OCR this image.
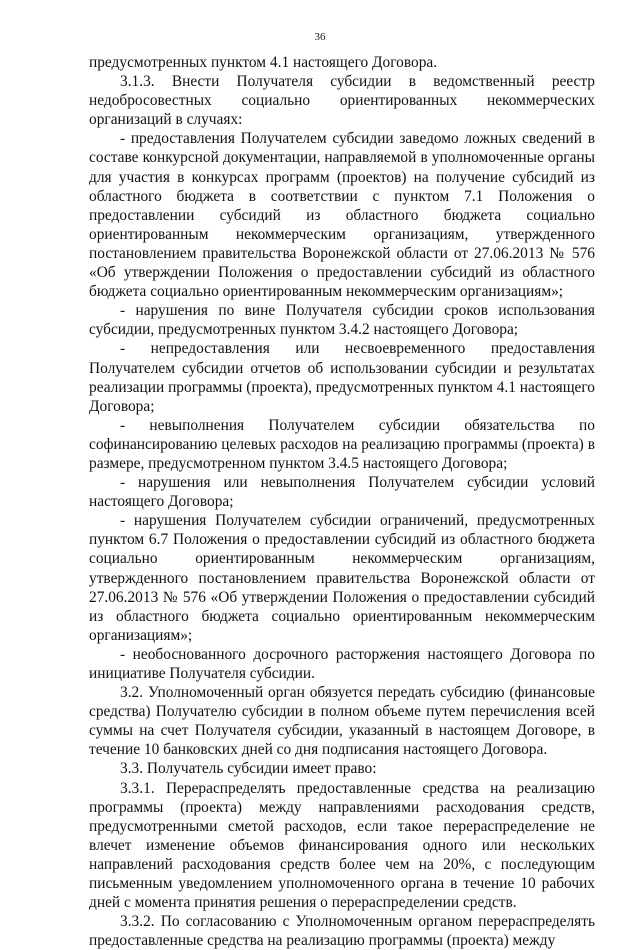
36

предусмотренных пунктом 4.1 настоящего Договора.

3.1.3. Внести Получателя субсидии в ведомственный реестр недобросовестных социально ориентированных некоммерческих организаций в случаях:

- предоставления Получателем субсидии заведомо ложных сведений в составе конкурсной документации, направляемой в уполномоченные органы для участия в конкурсах программ (проектов) на получение субсидий из областного бюджета в соответствии с пунктом 7.1 Положения о предоставлении субсидий из областного бюджета социально ориентированным некоммерческим организациям, утвержденного постановлением правительства Воронежской области от 27.06.2013 № 576 «Об утверждении Положения о предоставлении субсидий из областного бюджета социально ориентированным некоммерческим организациям»;

- нарушения по вине Получателя субсидии сроков использования субсидии, предусмотренных пунктом 3.4.2 настоящего Договора;

- непредоставления или несвоевременного предоставления Получателем субсидии отчетов об использовании субсидии и результатах реализации программы (проекта), предусмотренных пунктом 4.1 настоящего Договора;

- невыполнения Получателем субсидии обязательства по софинансированию целевых расходов на реализацию программы (проекта) в размере, предусмотренном пунктом 3.4.5 настоящего Договора;

- нарушения или невыполнения Получателем субсидии условий настоящего Договора;

- нарушения Получателем субсидии ограничений, предусмотренных пунктом 6.7 Положения о предоставлении субсидий из областного бюджета социально ориентированным некоммерческим организациям, утвержденного постановлением правительства Воронежской области от 27.06.2013 № 576 «Об утверждении Положения о предоставлении субсидий из областного бюджета социально ориентированным некоммерческим организациям»;

- необоснованного досрочного расторжения настоящего Договора по инициативе Получателя субсидии.

3.2. Уполномоченный орган обязуется передать субсидию (финансовые средства) Получателю субсидии в полном объеме путем перечисления всей суммы на счет Получателя субсидии, указанный в настоящем Договоре, в течение 10 банковских дней со дня подписания настоящего Договора.

3.3. Получатель субсидии имеет право:

3.3.1. Перераспределять предоставленные средства на реализацию программы (проекта) между направлениями расходования средств, предусмотренными сметой расходов, если такое перераспределение не влечет изменение объемов финансирования одного или нескольких направлений расходования средств более чем на 20%, с последующим письменным уведомлением уполномоченного органа в течение 10 рабочих дней с момента принятия решения о перераспределении средств.

3.3.2. По согласованию с Уполномоченным органом перераспределять предоставленные средства на реализацию программы (проекта) между
